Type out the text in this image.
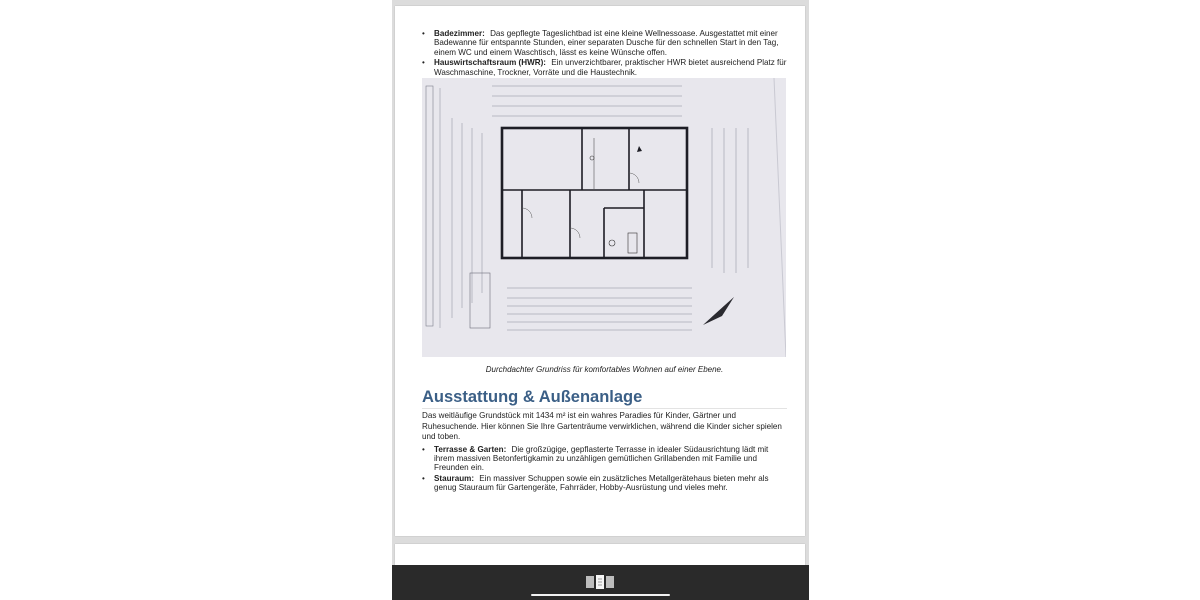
• Badezimmer: Das gepflegte Tageslichtbad ist eine kleine Wellnessoase. Ausgestattet mit einer Badewanne für entspannte Stunden, einer separaten Dusche für den schnellen Start in den Tag, einem WC und einem Waschtisch, lässt es keine Wünsche offen.
• Hauswirtschaftsraum (HWR): Ein unverzichtbarer, praktischer HWR bietet ausreichend Platz für Waschmaschine, Trockner, Vorräte und die Haustechnik.
Durchdachter Grundriss für komfortables Wohnen auf einer Ebene.
Ausstattung & Außenanlage
Das weitläufige Grundstück mit 1434 m² ist ein wahres Paradies für Kinder, Gärtner und Ruhesuchende. Hier können Sie Ihre Gartenträume verwirklichen, während die Kinder sicher spielen und toben.
• Terrasse & Garten: Die großzügige, gepflasterte Terrasse in idealer Südausrichtung lädt mit ihrem massiven Betonfertigkamin zu unzähligen gemütlichen Grillabenden mit Familie und Freunden ein.
• Stauraum: Ein massiver Schuppen sowie ein zusätzliches Metallgerätehaus bieten mehr als genug Stauraum für Gartengeräte, Fahrräder, Hobby-Ausrüstung und vieles mehr.
